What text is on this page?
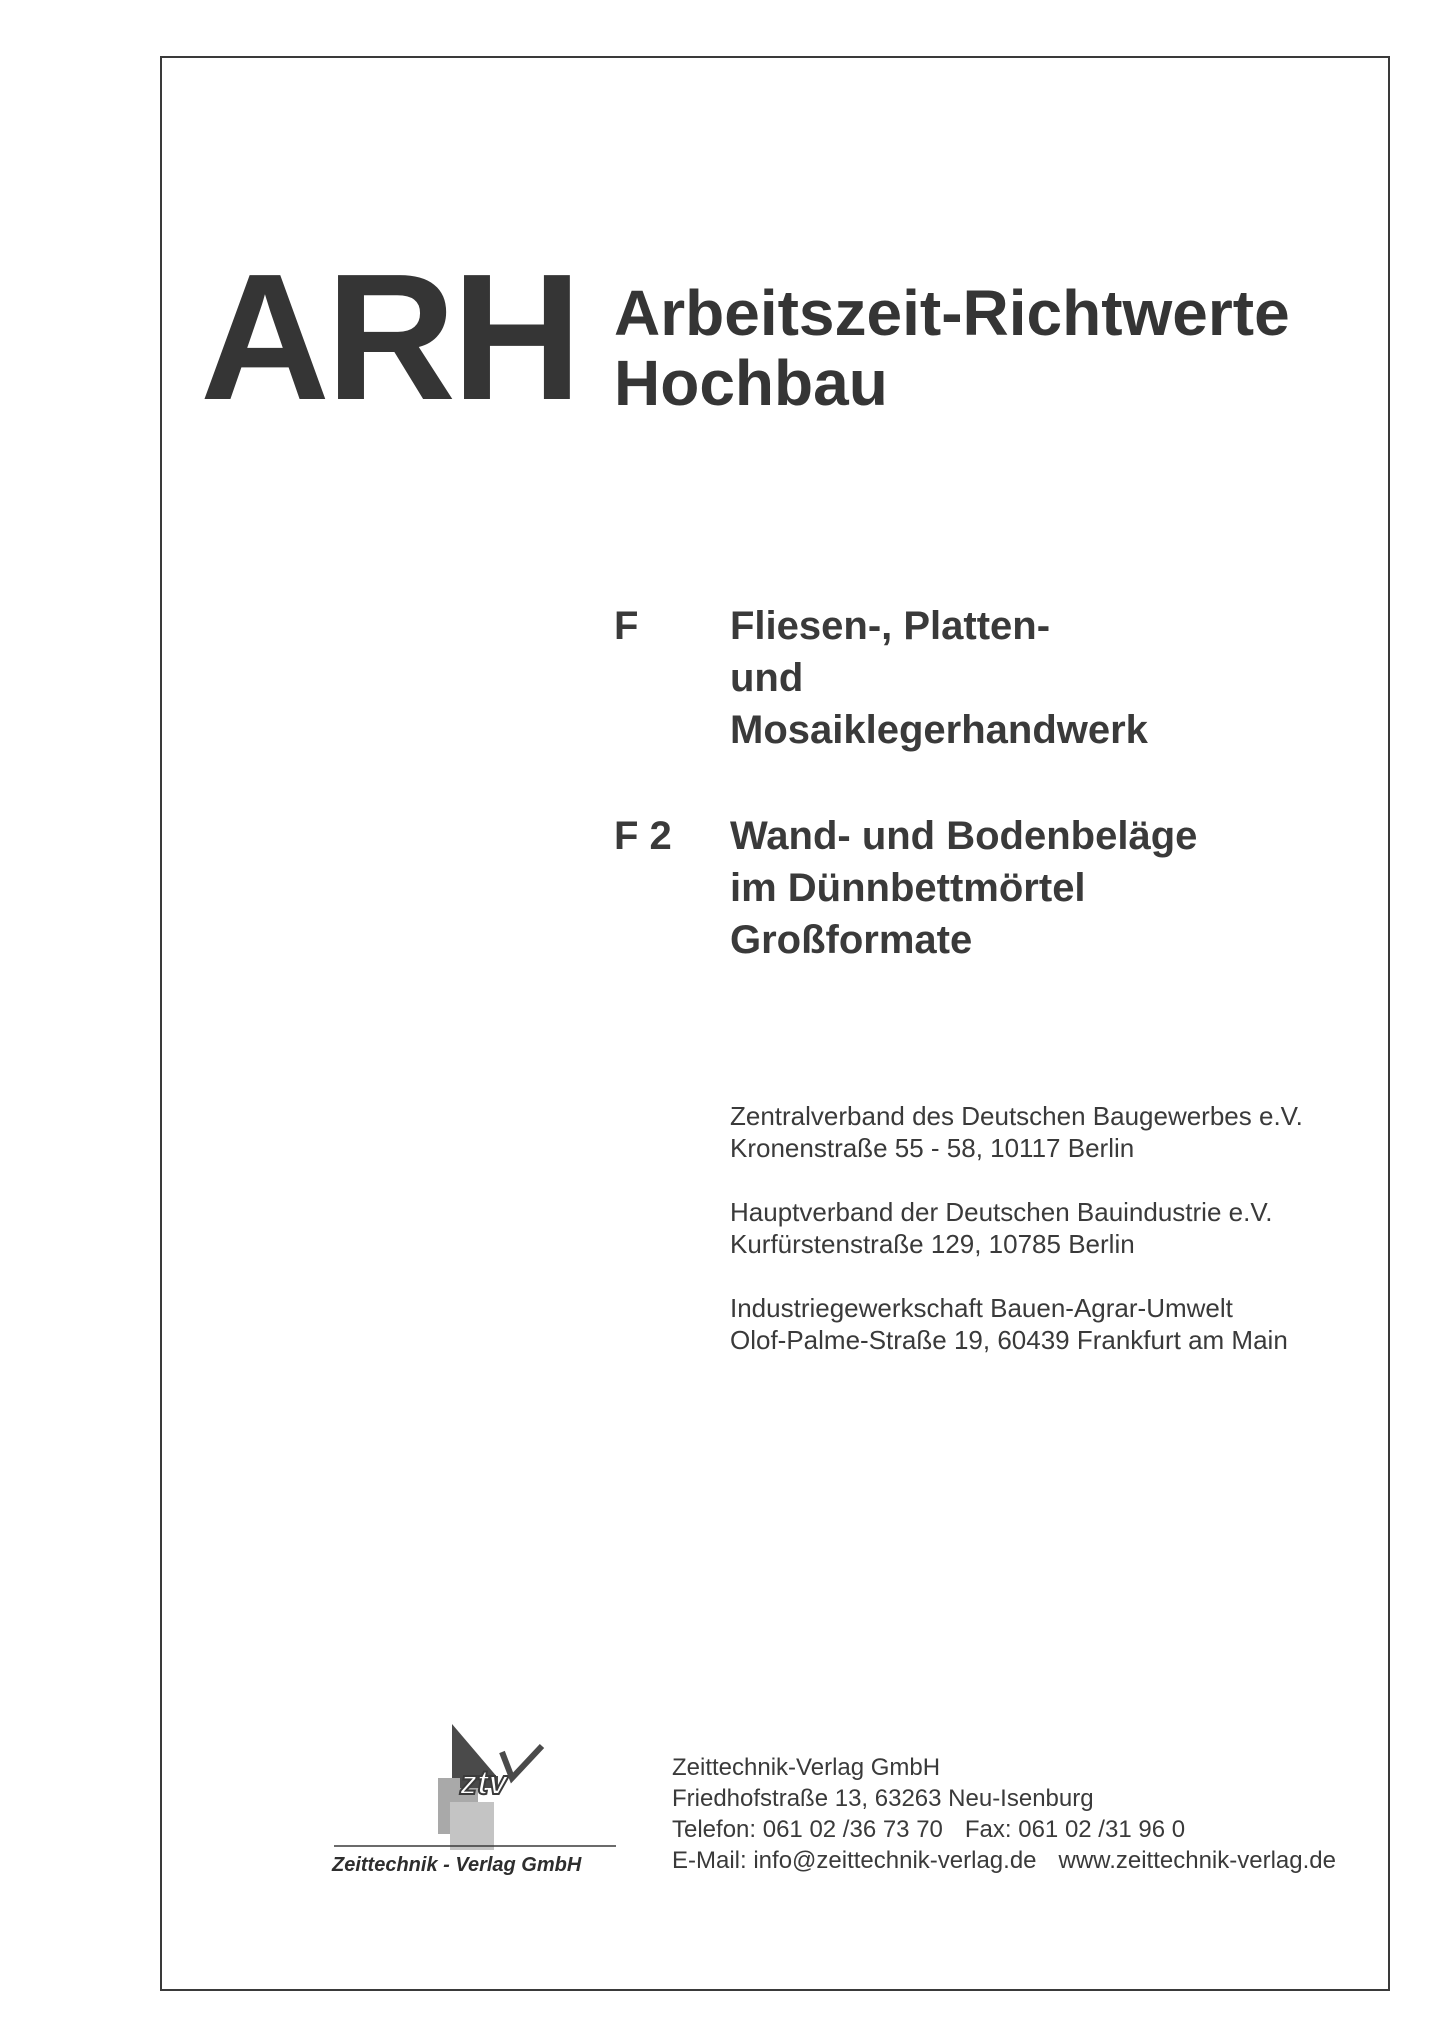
ARH Arbeitszeit-Richtwerte
Hochbau
F Fliesen-, Platten-
und
Mosaiklegerhandwerk
F 2 Wand- und Bodenbeläge
im Dünnbettmörtel
Großformate
Zentralverband des Deutschen Baugewerbes e.V.
Kronenstraße 55 - 58, 10117 Berlin
Hauptverband der Deutschen Bauindustrie e.V.
Kurfürstenstraße 129, 10785 Berlin
Industriegewerkschaft Bauen-Agrar-Umwelt
Olof-Palme-Straße 19, 60439 Frankfurt am Main
ztv
Zeittechnik - Verlag GmbH
Zeittechnik-Verlag GmbH
Friedhofstraße 13, 63263 Neu-Isenburg
Telefon: 061 02 /36 73 70 Fax: 061 02 /31 96 0
E-Mail: info@zeittechnik-verlag.de www.zeittechnik-verlag.de
